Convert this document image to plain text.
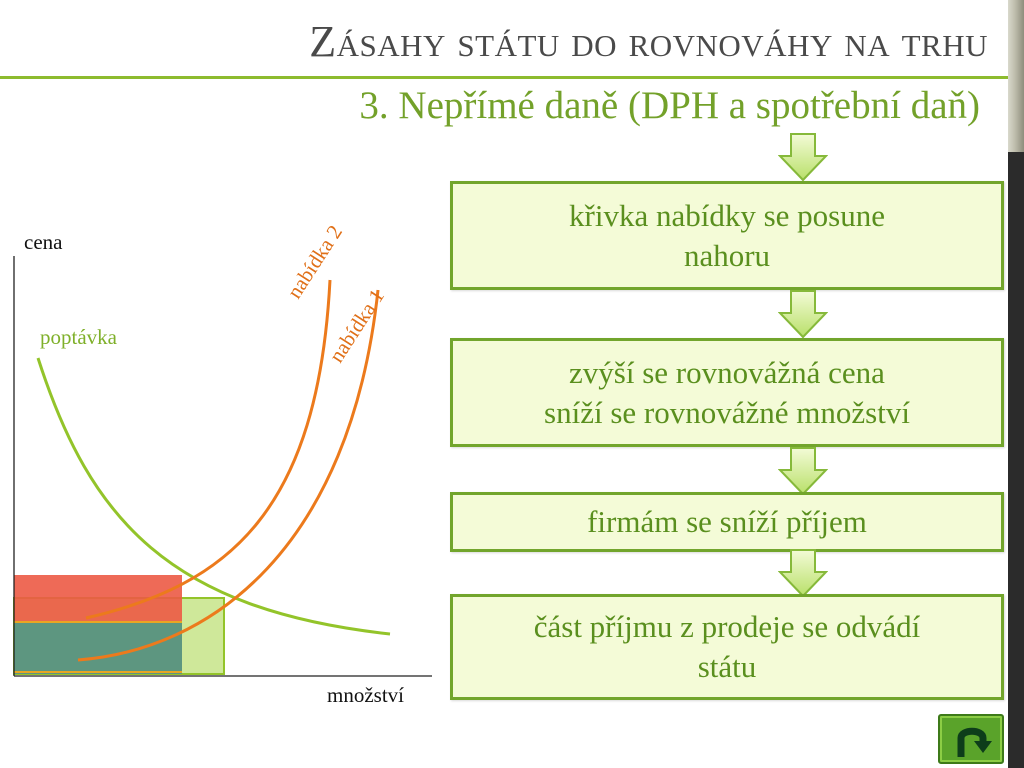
Zásahy státu do rovnováhy na trhu
3. Nepřímé daně (DPH a spotřební daň)
cena
množství
poptávka
nabídka 2
nabídka 1
křivka nabídky se posune
nahoru
zvýší se rovnovážná cena
sníží se rovnovážné množství
firmám se sníží příjem
část příjmu z prodeje se odvádí
státu
